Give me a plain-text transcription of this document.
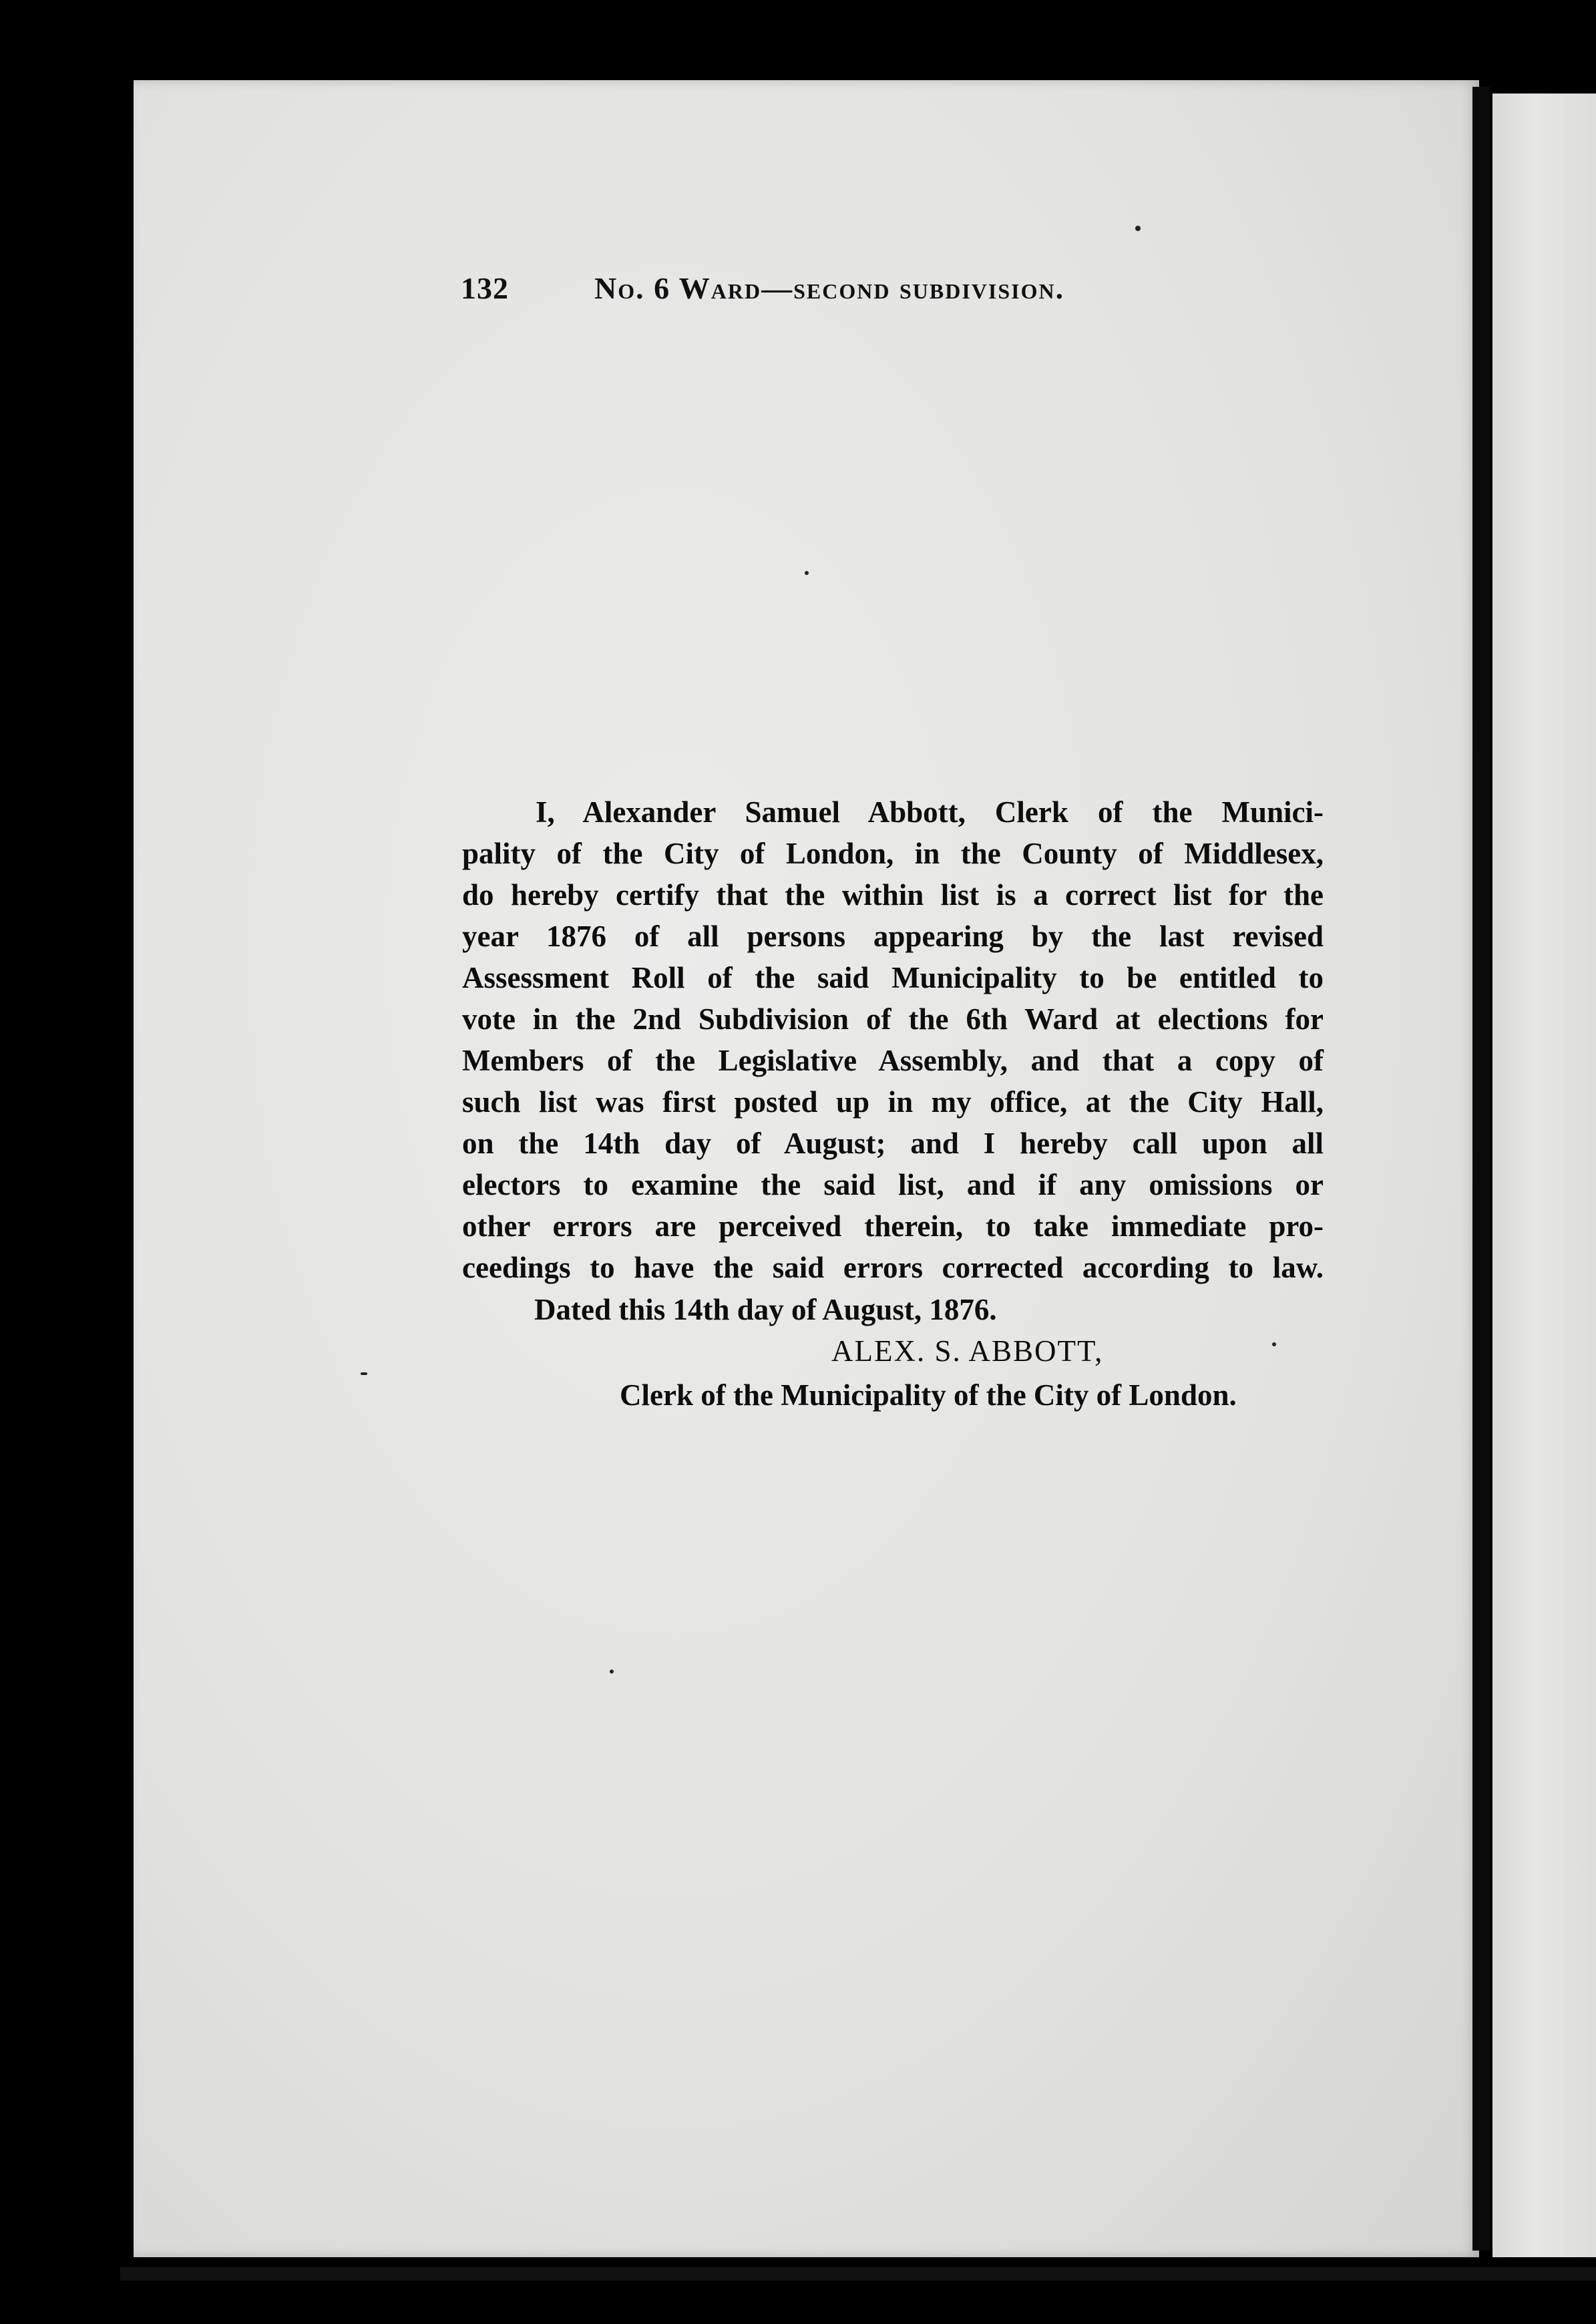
132	No. 6 Ward—second subdivision.
I, Alexander Samuel Abbott, Clerk of the Munici-
pality of the City of London, in the County of Middlesex,
do hereby certify that the within list is a correct list for the
year 1876 of all persons appearing by the last revised
Assessment Roll of the said Municipality to be entitled to
vote in the 2nd Subdivision of the 6th Ward at elections for
Members of the Legislative Assembly, and that a copy of
such list was first posted up in my office, at the City Hall,
on the 14th day of August; and I hereby call upon all
electors to examine the said list, and if any omissions or
other errors are perceived therein, to take immediate pro-
ceedings to have the said errors corrected according to law.
Dated this 14th day of August, 1876.
ALEX. S. ABBOTT,
Clerk of the Municipality of the City of London.
